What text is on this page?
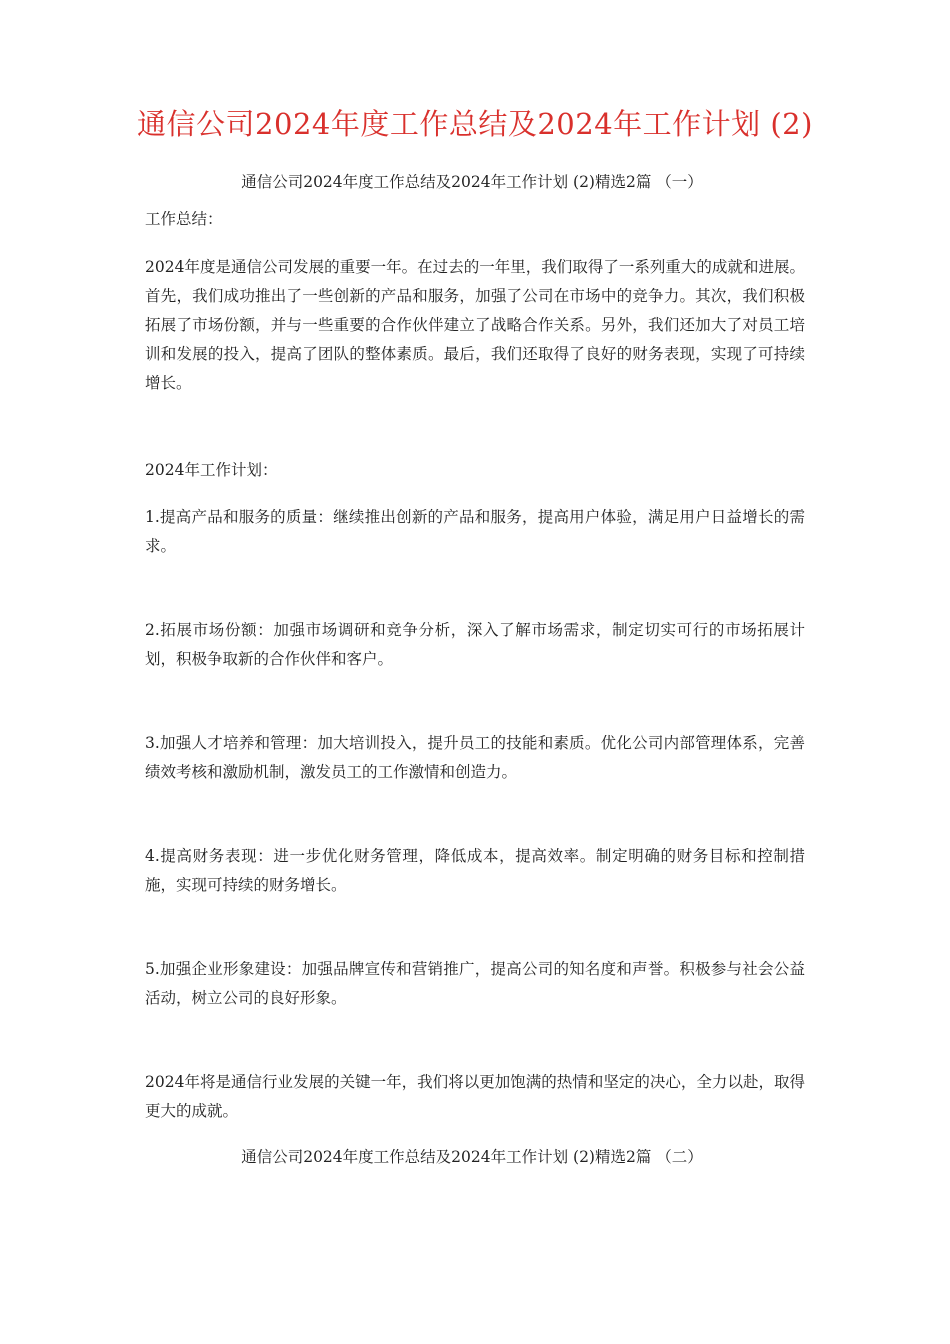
通信公司2024年度工作总结及2024年工作计划 (2)
通信公司2024年度工作总结及2024年工作计划 (2)精选2篇 （一）
工作总结：
2024年度是通信公司发展的重要一年。在过去的一年里，我们取得了一系列重大的成就和进展。首先，我们成功推出了一些创新的产品和服务，加强了公司在市场中的竞争力。其次，我们积极拓展了市场份额，并与一些重要的合作伙伴建立了战略合作关系。另外，我们还加大了对员工培训和发展的投入，提高了团队的整体素质。最后，我们还取得了良好的财务表现，实现了可持续增长。
2024年工作计划：
1.提高产品和服务的质量：继续推出创新的产品和服务，提高用户体验，满足用户日益增长的需求。
2.拓展市场份额：加强市场调研和竞争分析，深入了解市场需求，制定切实可行的市场拓展计划，积极争取新的合作伙伴和客户。
3.加强人才培养和管理：加大培训投入，提升员工的技能和素质。优化公司内部管理体系，完善绩效考核和激励机制，激发员工的工作激情和创造力。
4.提高财务表现：进一步优化财务管理，降低成本，提高效率。制定明确的财务目标和控制措施，实现可持续的财务增长。
5.加强企业形象建设：加强品牌宣传和营销推广，提高公司的知名度和声誉。积极参与社会公益活动，树立公司的良好形象。
2024年将是通信行业发展的关键一年，我们将以更加饱满的热情和坚定的决心，全力以赴，取得更大的成就。
通信公司2024年度工作总结及2024年工作计划 (2)精选2篇 （二）
